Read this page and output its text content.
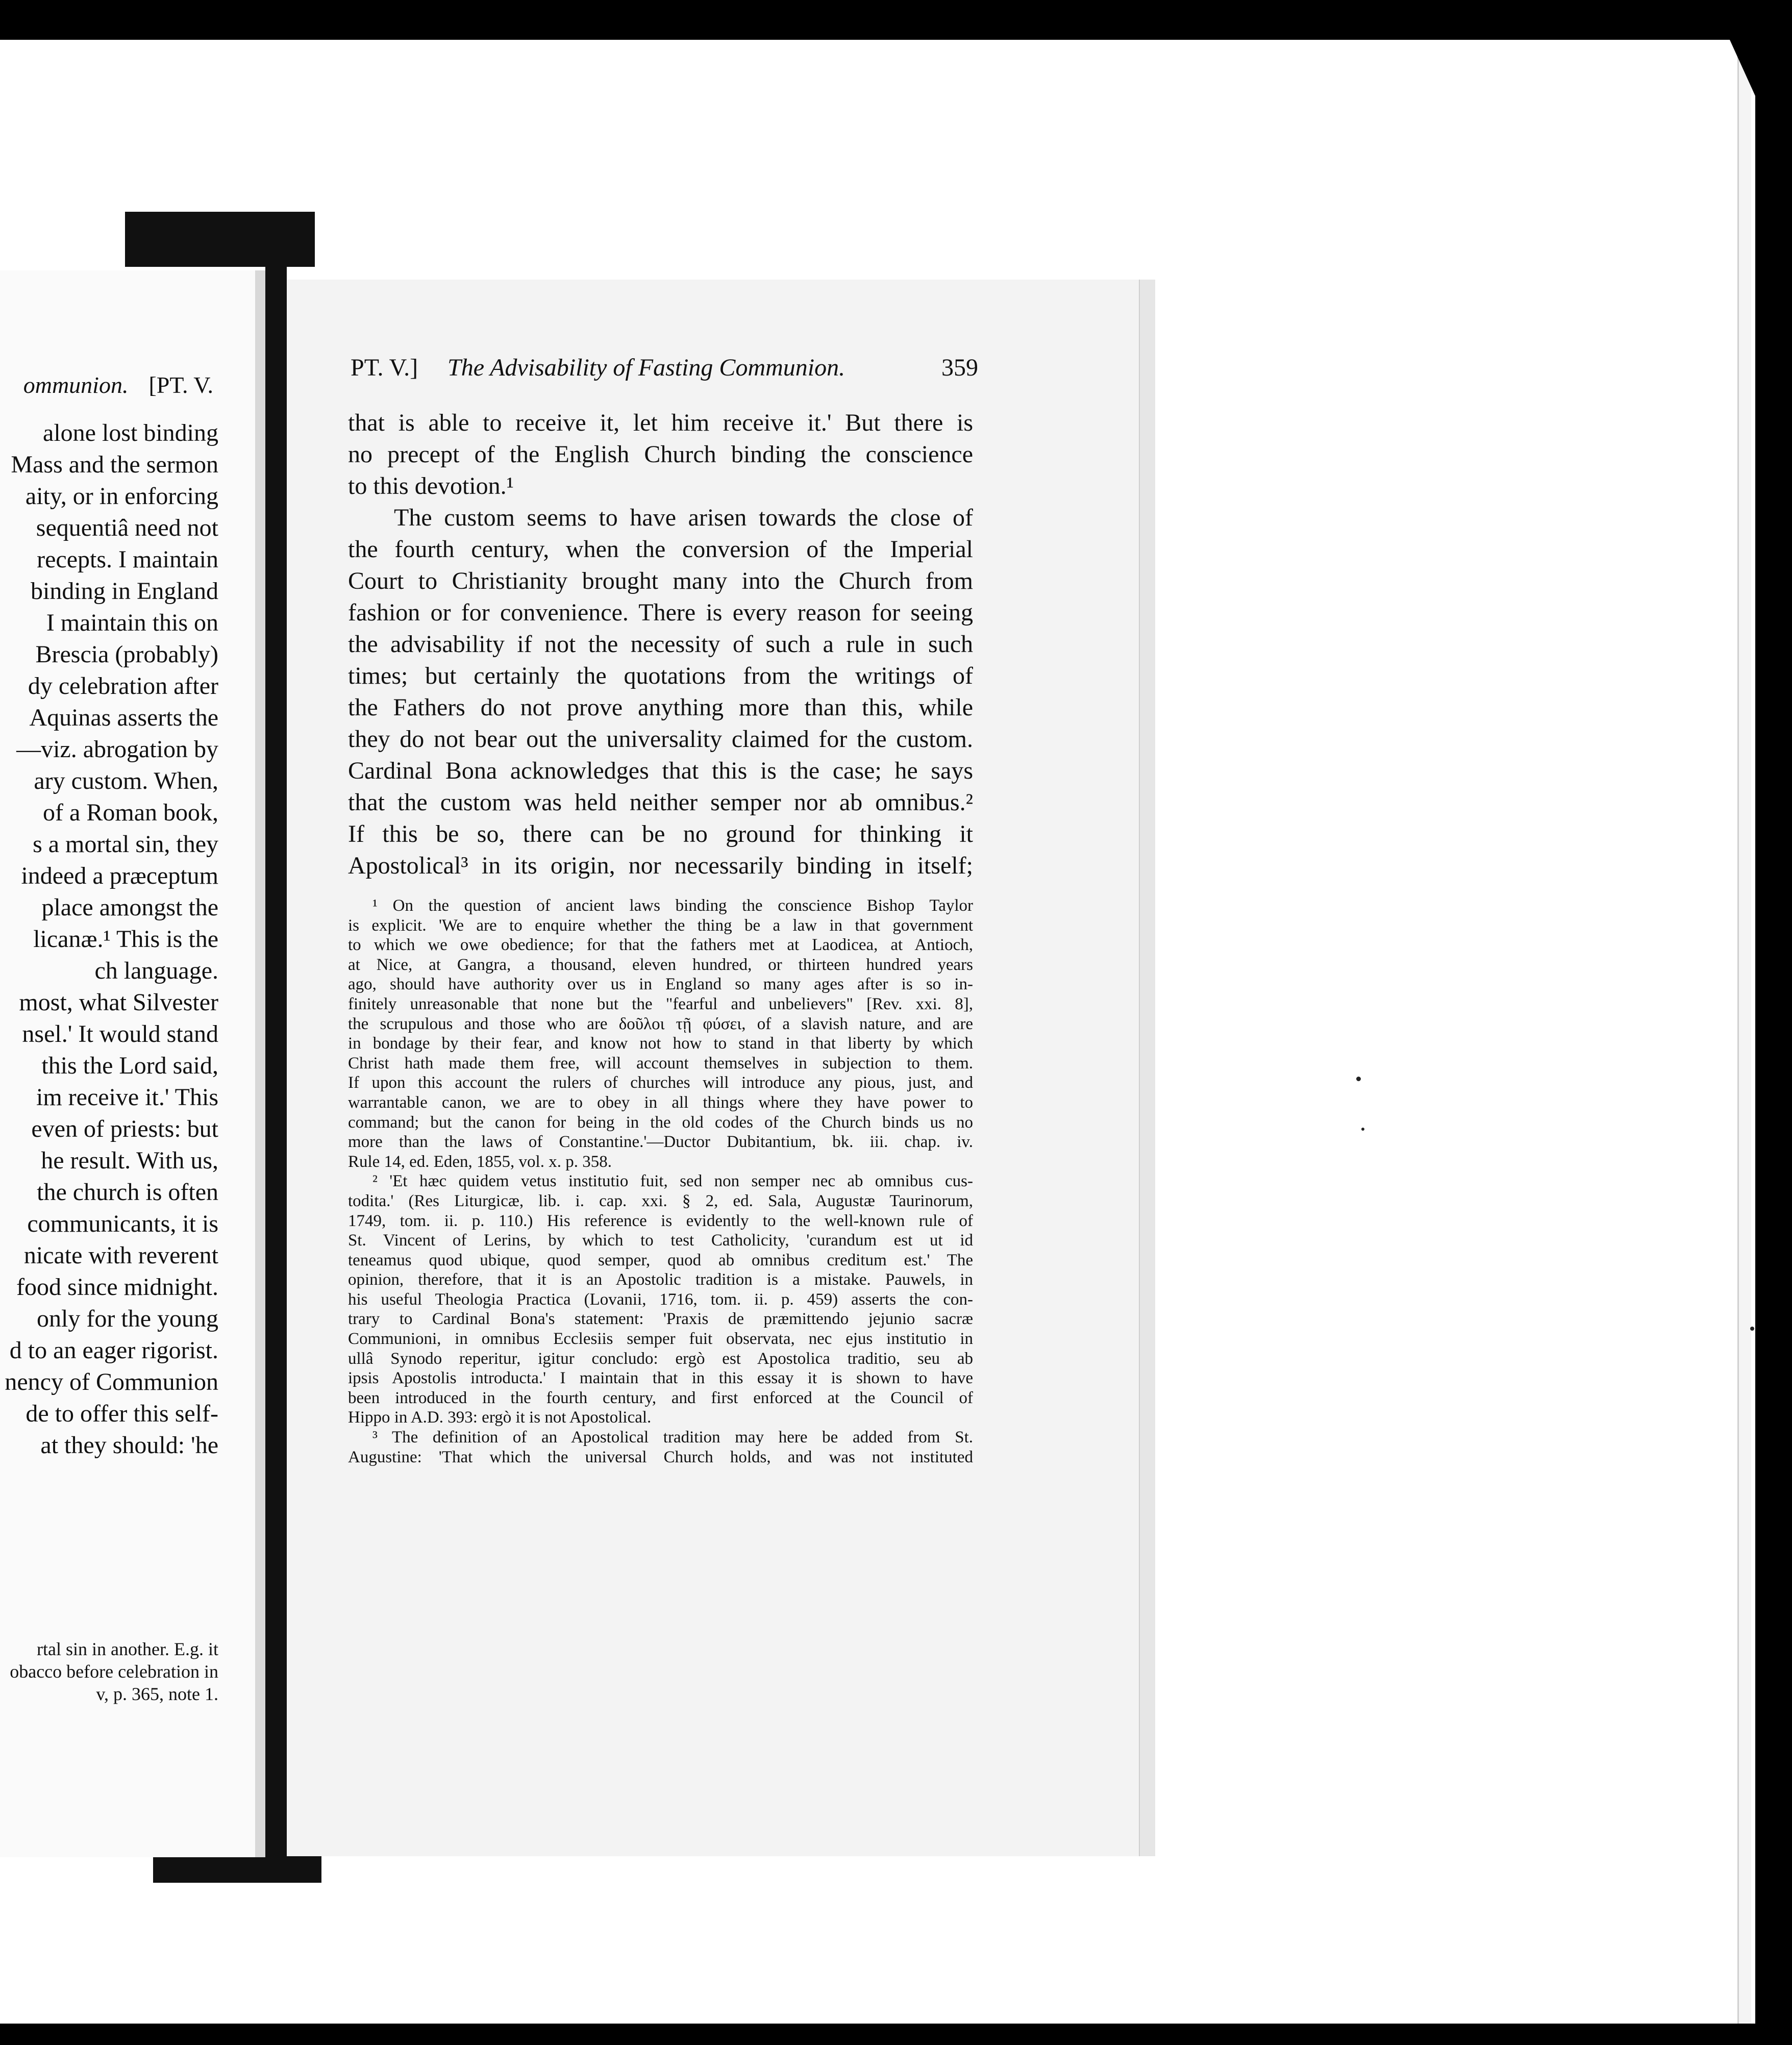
ommunion. [PT. V.
alone lost binding
Mass and the sermon
aity, or in enforcing
sequentiâ need not
recepts. I maintain
binding in England
I maintain this on
Brescia (probably)
dy celebration after
Aquinas asserts the
—viz. abrogation by
ary custom. When,
of a Roman book,
s a mortal sin, they
indeed a præceptum
place amongst the
licanæ.¹ This is the
ch language.
most, what Silvester
nsel.' It would stand
this the Lord said,
im receive it.' This
even of priests: but
he result. With us,
the church is often
communicants, it is
nicate with reverent
food since midnight.
only for the young
d to an eager rigorist.
nency of Communion
de to offer this self-
at they should: 'he
rtal sin in another. E.g. it
obacco before celebration in
v, p. 365, note 1.
PT. V.] The Advisability of Fasting Communion.	359
that is able to receive it, let him receive it.' But there is
no precept of the English Church binding the conscience
to this devotion.¹
The custom seems to have arisen towards the close of
the fourth century, when the conversion of the Imperial
Court to Christianity brought many into the Church from
fashion or for convenience. There is every reason for seeing
the advisability if not the necessity of such a rule in such
times; but certainly the quotations from the writings of
the Fathers do not prove anything more than this, while
they do not bear out the universality claimed for the custom.
Cardinal Bona acknowledges that this is the case; he says
that the custom was held neither semper nor ab omnibus.²
If this be so, there can be no ground for thinking it
Apostolical³ in its origin, nor necessarily binding in itself;
¹ On the question of ancient laws binding the conscience Bishop Taylor
is explicit. 'We are to enquire whether the thing be a law in that government
to which we owe obedience; for that the fathers met at Laodicea, at Antioch,
at Nice, at Gangra, a thousand, eleven hundred, or thirteen hundred years
ago, should have authority over us in England so many ages after is so in-
finitely unreasonable that none but the "fearful and unbelievers" [Rev. xxi. 8],
the scrupulous and those who are δοῦλοι τῇ φύσει, of a slavish nature, and are
in bondage by their fear, and know not how to stand in that liberty by which
Christ hath made them free, will account themselves in subjection to them.
If upon this account the rulers of churches will introduce any pious, just, and
warrantable canon, we are to obey in all things where they have power to
command; but the canon for being in the old codes of the Church binds us no
more than the laws of Constantine.'—Ductor Dubitantium, bk. iii. chap. iv.
Rule 14, ed. Eden, 1855, vol. x. p. 358.
² 'Et hæc quidem vetus institutio fuit, sed non semper nec ab omnibus cus-
todita.' (Res Liturgicæ, lib. i. cap. xxi. § 2, ed. Sala, Augustæ Taurinorum,
1749, tom. ii. p. 110.) His reference is evidently to the well-known rule of
St. Vincent of Lerins, by which to test Catholicity, 'curandum est ut id
teneamus quod ubique, quod semper, quod ab omnibus creditum est.' The
opinion, therefore, that it is an Apostolic tradition is a mistake. Pauwels, in
his useful Theologia Practica (Lovanii, 1716, tom. ii. p. 459) asserts the con-
trary to Cardinal Bona's statement: 'Praxis de præmittendo jejunio sacræ
Communioni, in omnibus Ecclesiis semper fuit observata, nec ejus institutio in
ullâ Synodo reperitur, igitur concludo: ergò est Apostolica traditio, seu ab
ipsis Apostolis introducta.' I maintain that in this essay it is shown to have
been introduced in the fourth century, and first enforced at the Council of
Hippo in A.D. 393: ergò it is not Apostolical.
³ The definition of an Apostolical tradition may here be added from St.
Augustine: 'That which the universal Church holds, and was not instituted
